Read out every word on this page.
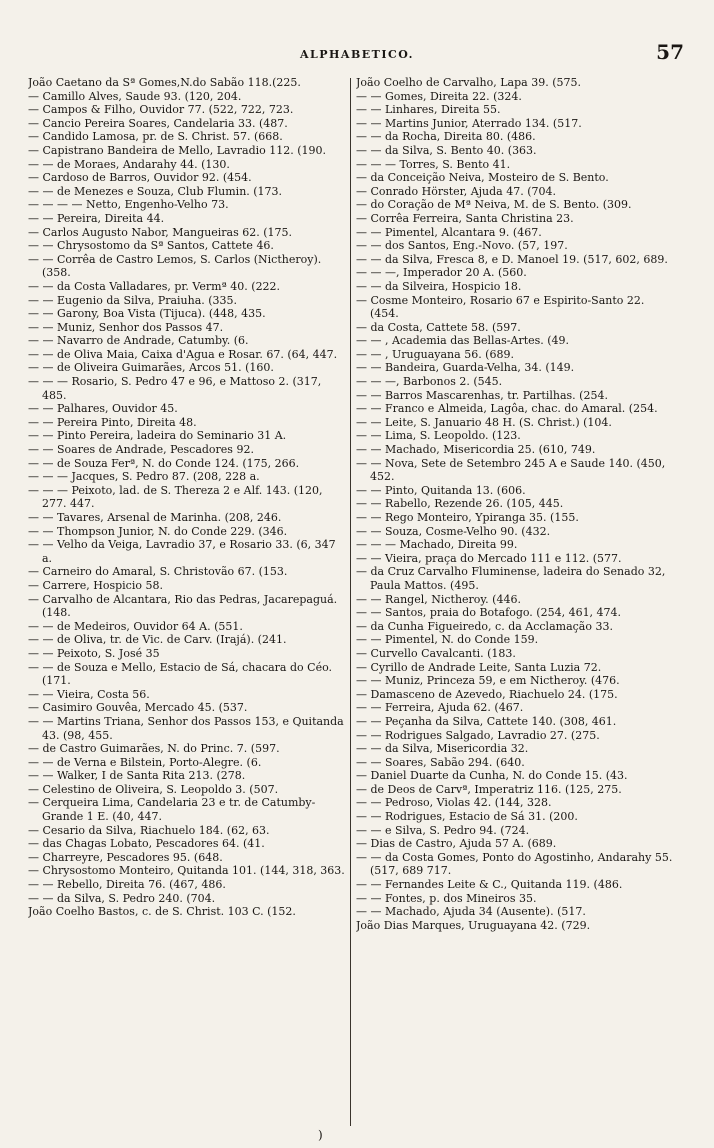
ALPHABETICO.	57
João Caetano da Sª Gomes,N.do Sabão 118.(225.
— Camillo Alves, Saude 93. (120, 204.
— Campos & Filho, Ouvidor 77. (522, 722, 723.
— Cancio Pereira Soares, Candelaria 33. (487.
— Candido Lamosa, pr. de S. Christ. 57. (668.
— Capistrano Bandeira de Mello, Lavradio 112. (190.
— — de Moraes, Andarahy 44. (130.
— Cardoso de Barros, Ouvidor 92. (454.
— — de Menezes e Souza, Club Flumin. (173.
— — — — Netto, Engenho-Velho 73.
— — Pereira, Direita 44.
— Carlos Augusto Nabor, Mangueiras 62. (175.
— — Chrysostomo da Sª Santos, Cattete 46.
— — Corrêa de Castro Lemos, S. Carlos (Nictheroy). (358.
— — da Costa Valladares, pr. Vermª 40. (222.
— — Eugenio da Silva, Praiuha. (335.
— — Garony, Boa Vista (Tijuca). (448, 435.
— — Muniz, Senhor dos Passos 47.
— — Navarro de Andrade, Catumby. (6.
— — de Oliva Maia, Caixa d'Agua e Rosar. 67. (64, 447.
— — de Oliveira Guimarães, Arcos 51. (160.
— — — Rosario, S. Pedro 47 e 96, e Mattoso 2. (317, 485.
— — Palhares, Ouvidor 45.
— — Pereira Pinto, Direita 48.
— — Pinto Pereira, ladeira do Seminario 31 A.
— — Soares de Andrade, Pescadores 92.
— — de Souza Ferª, N. do Conde 124. (175, 266.
— — — Jacques, S. Pedro 87. (208, 228 a.
— — — Peixoto, lad. de S. Thereza 2 e Alf. 143. (120, 277. 447.
— — Tavares, Arsenal de Marinha. (208, 246.
— — Thompson Junior, N. do Conde 229. (346.
— — Velho da Veiga, Lavradio 37, e Rosario 33. (6, 347 a.
— Carneiro do Amaral, S. Christovão 67. (153.
— Carrere, Hospicio 58.
— Carvalho de Alcantara, Rio das Pedras, Jacarepaguá. (148.
— — de Medeiros, Ouvidor 64 A. (551.
— — de Oliva, tr. de Vic. de Carv. (Irajá). (241.
— — Peixoto, S. José 35
— — de Souza e Mello, Estacio de Sá, chacara do Céo. (171.
— — Vieira, Costa 56.
— Casimiro Gouvêa, Mercado 45. (537.
— — Martins Triana, Senhor dos Passos 153, e Quitanda 43. (98, 455.
— de Castro Guimarães, N. do Princ. 7. (597.
— — de Verna e Bilstein, Porto-Alegre. (6.
— — Walker, I de Santa Rita 213. (278.
— Celestino de Oliveira, S. Leopoldo 3. (507.
— Cerqueira Lima, Candelaria 23 e tr. de Catumby-Grande 1 E. (40, 447.
— Cesario da Silva, Riachuelo 184. (62, 63.
— das Chagas Lobato, Pescadores 64. (41.
— Charreyre, Pescadores 95. (648.
— Chrysostomo Monteiro, Quitanda 101. (144, 318, 363.
— — Rebello, Direita 76. (467, 486.
— — da Silva, S. Pedro 240. (704.
João Coelho Bastos, c. de S. Christ. 103 C. (152.
João Coelho de Carvalho, Lapa 39. (575.
— — Gomes, Direita 22. (324.
— — Linhares, Direita 55.
— — Martins Junior, Aterrado 134. (517.
— — da Rocha, Direita 80. (486.
— — da Silva, S. Bento 40. (363.
— — — Torres, S. Bento 41.
— da Conceição Neiva, Mosteiro de S. Bento.
— Conrado Hörster, Ajuda 47. (704.
— do Coração de Mª Neiva, M. de S. Bento. (309.
— Corrêa Ferreira, Santa Christina 23.
— — Pimentel, Alcantara 9. (467.
— — dos Santos, Eng.-Novo. (57, 197.
— — da Silva, Fresca 8, e D. Manoel 19. (517, 602, 689.
— — —, Imperador 20 A. (560.
— — da Silveira, Hospicio 18.
— Cosme Monteiro, Rosario 67 e Espirito-Santo 22. (454.
— da Costa, Cattete 58. (597.
— — , Academia das Bellas-Artes. (49.
— — , Uruguayana 56. (689.
— — Bandeira, Guarda-Velha, 34. (149.
— — —, Barbonos 2. (545.
— — Barros Mascarenhas, tr. Partilhas. (254.
— — Franco e Almeida, Lagôa, chac. do Amaral. (254.
— — Leite, S. Januario 48 H. (S. Christ.) (104.
— — Lima, S. Leopoldo. (123.
— — Machado, Misericordia 25. (610, 749.
— — Nova, Sete de Setembro 245 A e Saude 140. (450, 452.
— — Pinto, Quitanda 13. (606.
— — Rabello, Rezende 26. (105, 445.
— — Rego Monteiro, Ypiranga 35. (155.
— — Souza, Cosme-Velho 90. (432.
— — — Machado, Direita 99.
— — Vieira, praça do Mercado 111 e 112. (577.
— da Cruz Carvalho Fluminense, ladeira do Senado 32, Paula Mattos. (495.
— — Rangel, Nictheroy. (446.
— — Santos, praia do Botafogo. (254, 461, 474.
— da Cunha Figueiredo, c. da Acclamação 33.
— — Pimentel, N. do Conde 159.
— Curvello Cavalcanti. (183.
— Cyrillo de Andrade Leite, Santa Luzia 72.
— — Muniz, Princeza 59, e em Nictheroy. (476.
— Damasceno de Azevedo, Riachuelo 24. (175.
— — Ferreira, Ajuda 62. (467.
— — Peçanha da Silva, Cattete 140. (308, 461.
— — Rodrigues Salgado, Lavradio 27. (275.
— — da Silva, Misericordia 32.
— — Soares, Sabão 294. (640.
— Daniel Duarte da Cunha, N. do Conde 15. (43.
— de Deos de Carvª, Imperatriz 116. (125, 275.
— — Pedroso, Violas 42. (144, 328.
— — Rodrigues, Estacio de Sá 31. (200.
— — e Silva, S. Pedro 94. (724.
— Dias de Castro, Ajuda 57 A. (689.
— — da Costa Gomes, Ponto do Agostinho, Andarahy 55. (517, 689 717.
— — Fernandes Leite & C., Quitanda 119. (486.
— — Fontes, p. dos Mineiros 35.
— — Machado, Ajuda 34 (Ausente). (517.
João Dias Marques, Uruguayana 42. (729.
)
